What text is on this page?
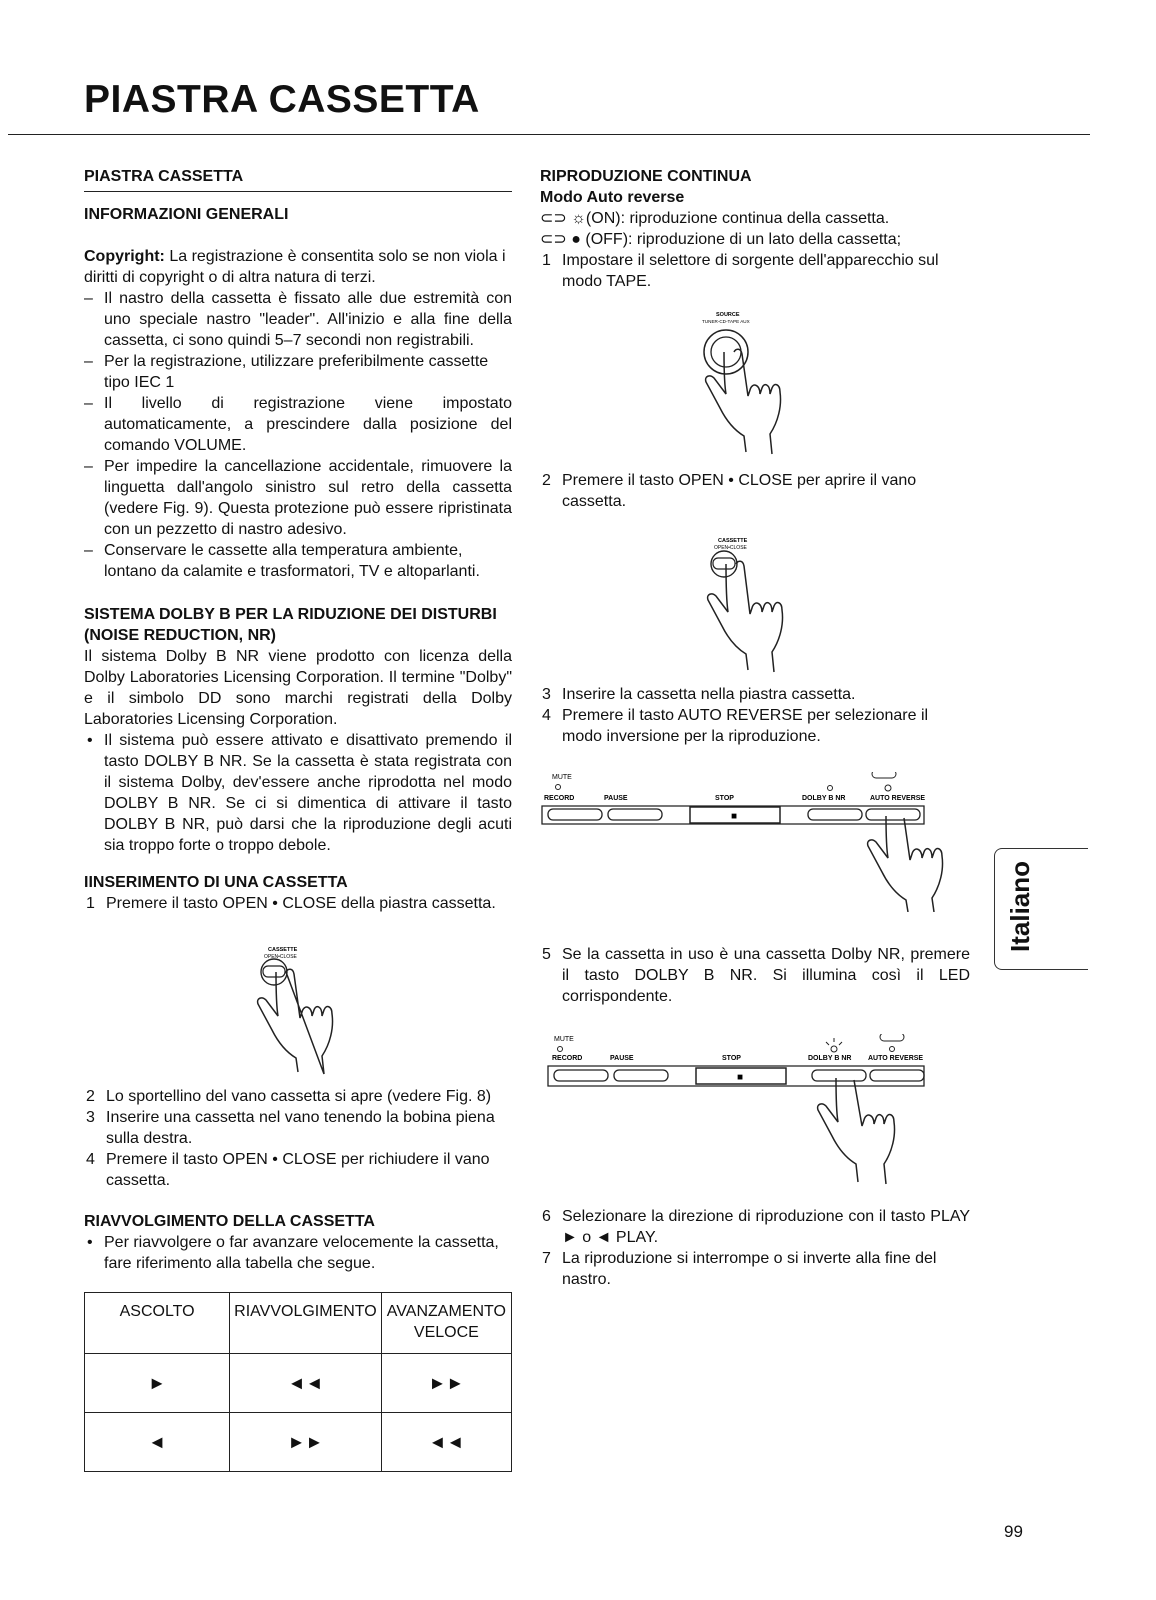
PIASTRA CASSETTA

PIASTRA CASSETTA

INFORMAZIONI GENERALI

Copyright: La registrazione è consentita solo se non viola i diritti di copyright o di altra natura di terzi.

– Il nastro della cassetta è fissato alle due estremità con uno speciale nastro "leader". All'inizio e alla fine della cassetta, ci sono quindi 5–7 secondi non registrabili.

– Per la registrazione, utilizzare preferibilmente cassette tipo IEC 1

– Il livello di registrazione viene impostato automaticamente, a prescindere dalla posizione del comando VOLUME.

– Per impedire la cancellazione accidentale, rimuovere la linguetta dall'angolo sinistro sul retro della cassetta (vedere Fig. 9). Questa protezione può essere ripristinata con un pezzetto di nastro adesivo.

– Conservare le cassette alla temperatura ambiente, lontano da calamite e trasformatori, TV e altoparlanti.

SISTEMA DOLBY B PER LA RIDUZIONE DEI DISTURBI (NOISE REDUCTION, NR)

Il sistema Dolby B NR viene prodotto con licenza della Dolby Laboratories Licensing Corporation. Il termine "Dolby" e il simbolo DD sono marchi registrati della Dolby Laboratories Licensing Corporation.

• Il sistema può essere attivato e disattivato premendo il tasto DOLBY B NR. Se la cassetta è stata registrata con il sistema Dolby, dev'essere anche riprodotta nel modo DOLBY B NR. Se ci si dimentica di attivare il tasto DOLBY B NR, può darsi che la riproduzione degli acuti sia troppo forte o troppo debole.

IINSERIMENTO DI UNA CASSETTA

1 Premere il tasto OPEN • CLOSE della piastra cassetta.

CASSETTE
OPEN•CLOSE

2 Lo sportellino del vano cassetta si apre (vedere Fig. 8)

3 Inserire una cassetta nel vano tenendo la bobina piena sulla destra.

4 Premere il tasto OPEN • CLOSE per richiudere il vano cassetta.

RIAVVOLGIMENTO DELLA CASSETTA

• Per riavvolgere o far avanzare velocemente la cassetta, fare riferimento alla tabella che segue.

ASCOLTO	RIAVVOLGIMENTO	AVANZAMENTO VELOCE
►	◄◄	►►
◄	►►	◄◄

RIPRODUZIONE CONTINUA

Modo Auto reverse

⊂⊃ ☼(ON): riproduzione continua della cassetta.

⊂⊃ ● (OFF): riproduzione di un lato della cassetta;

1 Impostare il selettore di sorgente dell'apparecchio sul modo TAPE.

SOURCE
TUNER-CD-TAPE AUX

2 Premere il tasto OPEN • CLOSE per aprire il vano cassetta.

CASSETTE
OPEN•CLOSE

3 Inserire la cassetta nella piastra cassetta.

4 Premere il tasto AUTO REVERSE per selezionare il modo inversione per la riproduzione.

MUTE
RECORD	PAUSE	STOP	DOLBY B NR	AUTO REVERSE
■

5 Se la cassetta in uso è una cassetta Dolby NR, premere il tasto DOLBY B NR. Si illumina così il LED corrispondente.

MUTE
RECORD	PAUSE	STOP	DOLBY B NR AUTO REVERSE
■

6 Selezionare la direzione di riproduzione con il tasto PLAY ► o ◄ PLAY.

7 La riproduzione si interrompe o si inverte alla fine del nastro.

Italiano
99
